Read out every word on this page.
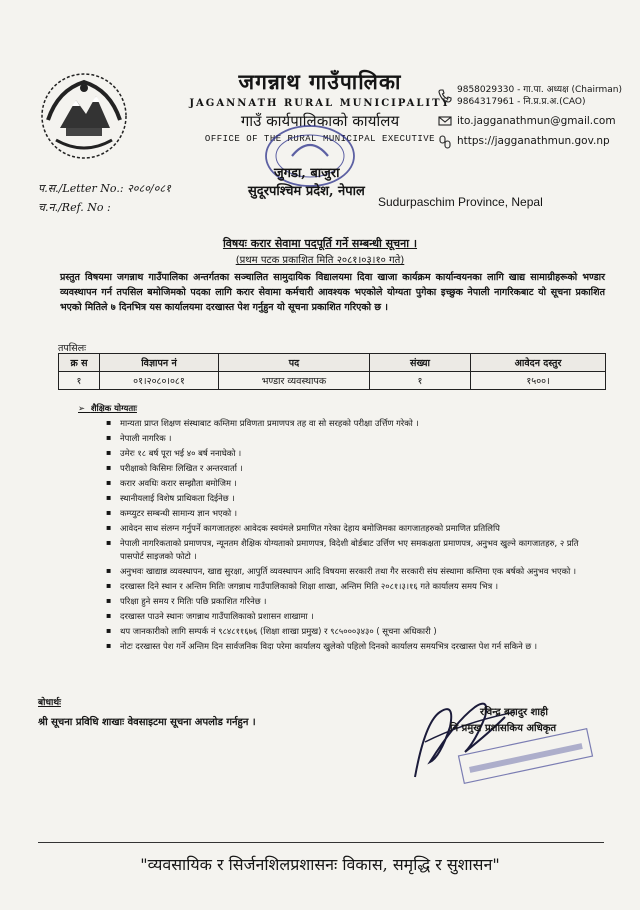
जगन्नाथ गाउँपालिका
JAGANNATH RURAL MUNICIPALITY
गाउँ कार्यपालिकाको कार्यालय
OFFICE OF THE RURAL MUNICIPAL EXECUTIVE
जुगडा, बाजुरा
सुदूरपश्चिम प्रदेश, नेपाल
9858029330 - गा.पा. अध्यक्ष (Chairman)
9864317961 - नि.प्र.प्र.अ.(CAO)
ito.jagganathmun@gmail.com
https://jagganathmun.gov.np
प.स./Letter No.: २०८०/०८१
च.न./Ref. No :	Sudurpaschim Province, Nepal
विषयः करार सेवामा पदपूर्ति गर्ने सम्बन्धी सूचना ।
(प्रथम पटक प्रकाशित मिति २०८१।०३।१० गते)
प्रस्तुत विषयमा जगन्नाथ गाउँपालिका अन्तर्गतका सञ्चालित सामुदायिक विद्यालयमा दिवा खाजा कार्यक्रम कार्यान्वयनका लागि खाद्य सामाग्रीहरूको भण्डार व्यवस्थापन गर्न तपसिल बमोजिमको पदका लागि करार सेवामा कर्मचारी आवश्यक भएकोले योग्यता पुगेका इच्छुक नेपाली नागरिकबाट यो सूचना प्रकाशित भएको मितिले ७ दिनभित्र यस कार्यालयमा दरखास्त पेश गर्नुहुन यो सूचना प्रकाशित गरिएको छ ।
तपसिलः
क्र स	विज्ञापन नं	पद	संख्या	आवेदन दस्तुर
१	०१।२०८०।०८१	भण्डार व्यवस्थापक	१	१५००।
➢  शैक्षिक योग्यताः
▪ मान्यता प्राप्त शिक्षण संस्थाबाट कम्तिमा प्रविणता प्रमाणपत्र तह वा सो सरहको परीक्षा उर्त्तिण गरेको ।
▪ नेपाली नागरिक ।
▪ उमेरः १८ बर्ष पूरा भई ४० बर्ष ननाघेको ।
▪ परीक्षाको किसिमः लिखित र अन्तरवार्ता ।
▪ करार अवधिः करार सम्झौता बमोजिम ।
▪ स्थानीयलाई विशेष प्राथिकता दिईनेछ ।
▪ कम्प्युटर सम्बन्धी सामान्य ज्ञान भएको ।
▪ आवेदन साथ संलग्न गर्नुपर्ने कागजातहरुः आवेदक स्वयंमले प्रमाणित गरेका देहाय बमोजिमका कागजातहरुको प्रमाणित प्रतिलिपि
▪ नेपाली नागरिकताको प्रमाणपत्र, न्यूनतम शैक्षिक योग्यताको प्रमाणपत्र, विदेशी बोर्डबाट उर्त्तिण भए समकक्षता प्रमाणपत्र, अनुभव खुल्ने कागजातहरु, २ प्रति पासपोर्ट साइजको फोटो ।
▪ अनुभवः खाद्यान्न व्यवस्थापन, खाद्य सुरक्षा, आपुर्ति व्यवस्थापन आदि विषयमा सरकारी तथा गैर सरकारी संघ संस्थामा कम्तिमा एक बर्षको अनुभव भएको ।
▪ दरखास्त दिने स्थान र अन्तिम मितिः जगन्नाथ गाउँपालिकाको शिक्षा शाखा, अन्तिम मिति २०८१।३।१६ गते कार्यालय समय भित्र ।
▪ परिक्षा हुने समय र मितिः पछि प्रकाशित गरिनेछ ।
▪ दरखास्त पाउने स्थानः जगन्नाथ गाउँपालिकाको प्रशासन शाखामा ।
▪ थप जानकारीको लागि सम्पर्क नं ९८४८११६७६ (शिक्षा शाखा प्रमुख) र ९८५०००३४३० ( सूचना अधिकारी )
▪ नोटः दरखास्त पेश गर्ने अन्तिम दिन सार्वजनिक विदा परेमा कार्यालय खुलेको पहिलो दिनको कार्यालय समयभित्र दरखास्त पेश गर्न सकिने छ ।
बोधार्थः
श्री सूचना प्रविधि शाखाः वेवसाइटमा सूचना अपलोड गर्नहुन ।
रविन्द्र बहादुर शाही
नि प्रमुख प्रशासकिय अधिकृत
"व्यवसायिक र सिर्जनशिलप्रशासनः विकास, समृद्धि र सुशासन"
